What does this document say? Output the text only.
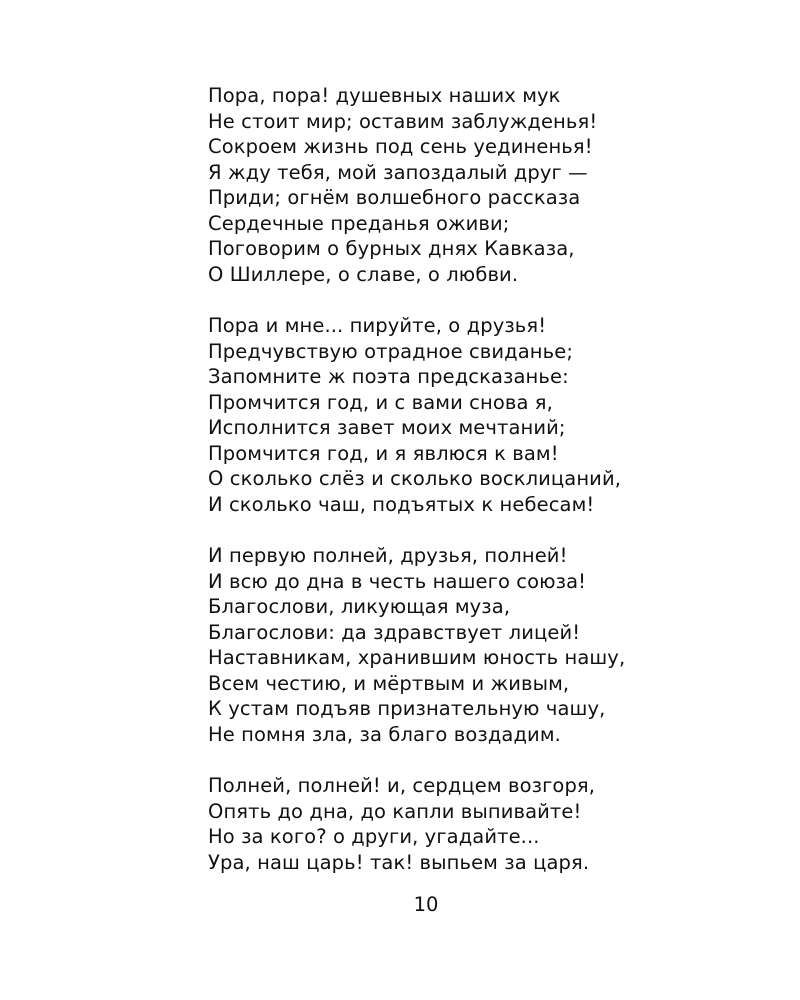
Пора, пора! душевных наших мук
Не стоит мир; оставим заблужденья!
Сокроем жизнь под сень уединенья!
Я жду тебя, мой запоздалый друг —
Приди; огнём волшебного рассказа
Сердечные преданья оживи;
Поговорим о бурных днях Кавказа,
О Шиллере, о славе, о любви.
Пора и мне... пируйте, о друзья!
Предчувствую отрадное свиданье;
Запомните ж поэта предсказанье:
Промчится год, и с вами снова я,
Исполнится завет моих мечтаний;
Промчится год, и я явлюся к вам!
О сколько слёз и сколько восклицаний,
И сколько чаш, подъятых к небесам!
И первую полней, друзья, полней!
И всю до дна в честь нашего союза!
Благослови, ликующая муза,
Благослови: да здравствует лицей!
Наставникам, хранившим юность нашу,
Всем честию, и мёртвым и живым,
К устам подъяв признательную чашу,
Не помня зла, за благо воздадим.
Полней, полней! и, сердцем возгоря,
Опять до дна, до капли выпивайте!
Но за кого? о други, угадайте...
Ура, наш царь! так! выпьем за царя.
10
